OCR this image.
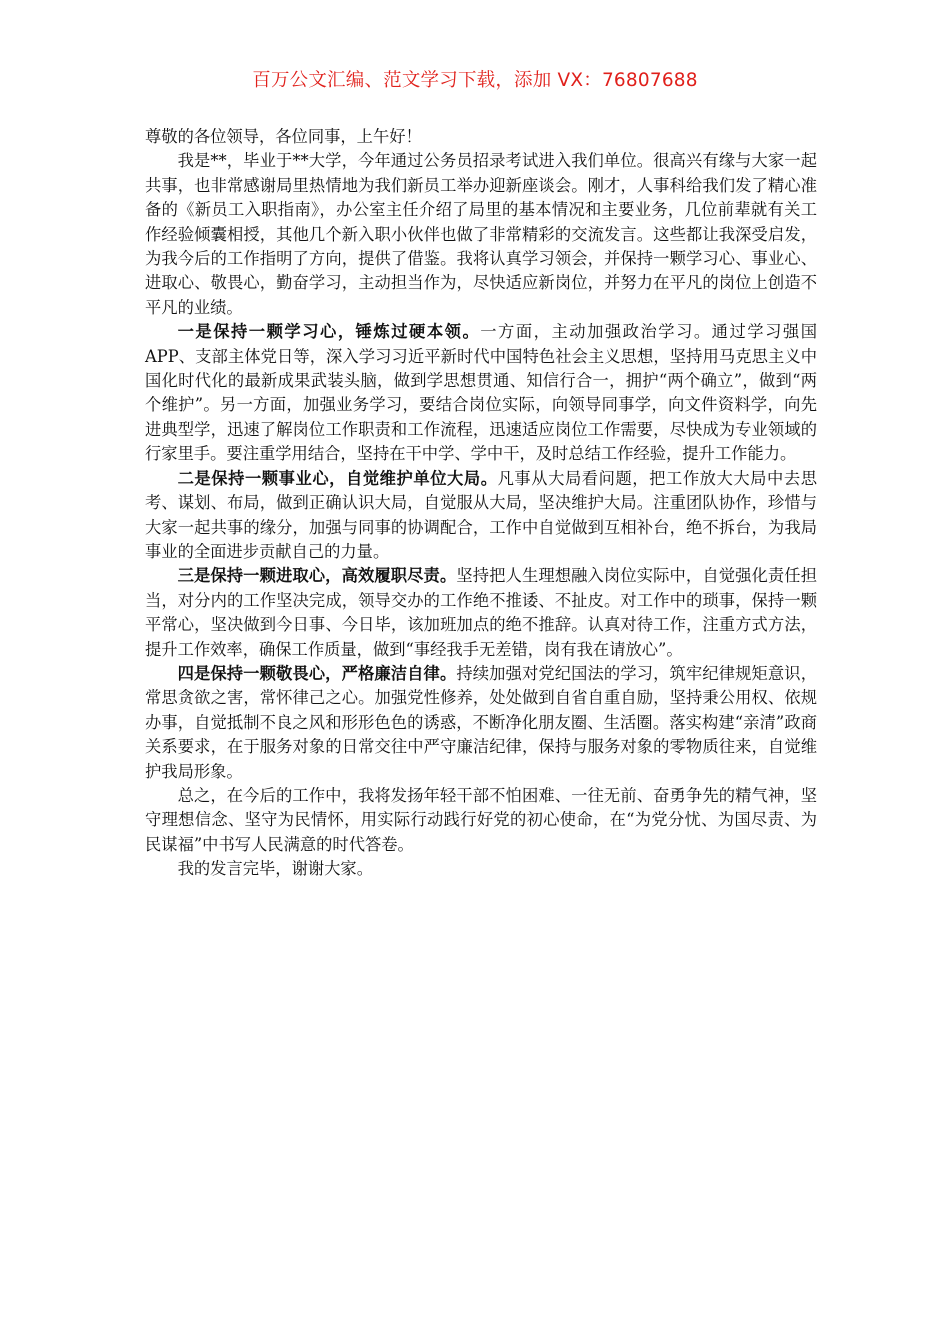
百万公文汇编、范文学习下载，添加 VX：76807688

尊敬的各位领导，各位同事，上午好！

我是**，毕业于**大学，今年通过公务员招录考试进入我们单位。很高兴有缘与大家一起共事，也非常感谢局里热情地为我们新员工举办迎新座谈会。刚才，人事科给我们发了精心准备的《新员工入职指南》，办公室主任介绍了局里的基本情况和主要业务，几位前辈就有关工作经验倾囊相授，其他几个新入职小伙伴也做了非常精彩的交流发言。这些都让我深受启发，为我今后的工作指明了方向，提供了借鉴。我将认真学习领会，并保持一颗学习心、事业心、进取心、敬畏心，勤奋学习，主动担当作为，尽快适应新岗位，并努力在平凡的岗位上创造不平凡的业绩。

一是保持一颗学习心，锤炼过硬本领。一方面，主动加强政治学习。通过学习强国 APP、支部主体党日等，深入学习习近平新时代中国特色社会主义思想，坚持用马克思主义中国化时代化的最新成果武装头脑，做到学思想贯通、知信行合一，拥护“两个确立”，做到“两个维护”。另一方面，加强业务学习，要结合岗位实际，向领导同事学，向文件资料学，向先进典型学，迅速了解岗位工作职责和工作流程，迅速适应岗位工作需要，尽快成为专业领域的行家里手。要注重学用结合，坚持在干中学、学中干，及时总结工作经验，提升工作能力。

二是保持一颗事业心，自觉维护单位大局。凡事从大局看问题，把工作放大大局中去思考、谋划、布局，做到正确认识大局，自觉服从大局，坚决维护大局。注重团队协作，珍惜与大家一起共事的缘分，加强与同事的协调配合，工作中自觉做到互相补台，绝不拆台，为我局事业的全面进步贡献自己的力量。

三是保持一颗进取心，高效履职尽责。坚持把人生理想融入岗位实际中，自觉强化责任担当，对分内的工作坚决完成，领导交办的工作绝不推诿、不扯皮。对工作中的琐事，保持一颗平常心，坚决做到今日事、今日毕，该加班加点的绝不推辞。认真对待工作，注重方式方法，提升工作效率，确保工作质量，做到“事经我手无差错，岗有我在请放心”。

四是保持一颗敬畏心，严格廉洁自律。持续加强对党纪国法的学习，筑牢纪律规矩意识，常思贪欲之害，常怀律己之心。加强党性修养，处处做到自省自重自励，坚持秉公用权、依规办事，自觉抵制不良之风和形形色色的诱惑，不断净化朋友圈、生活圈。落实构建“亲清”政商关系要求，在于服务对象的日常交往中严守廉洁纪律，保持与服务对象的零物质往来，自觉维护我局形象。

总之，在今后的工作中，我将发扬年轻干部不怕困难、一往无前、奋勇争先的精气神，坚守理想信念、坚守为民情怀，用实际行动践行好党的初心使命，在“为党分忧、为国尽责、为民谋福”中书写人民满意的时代答卷。

我的发言完毕，谢谢大家。
